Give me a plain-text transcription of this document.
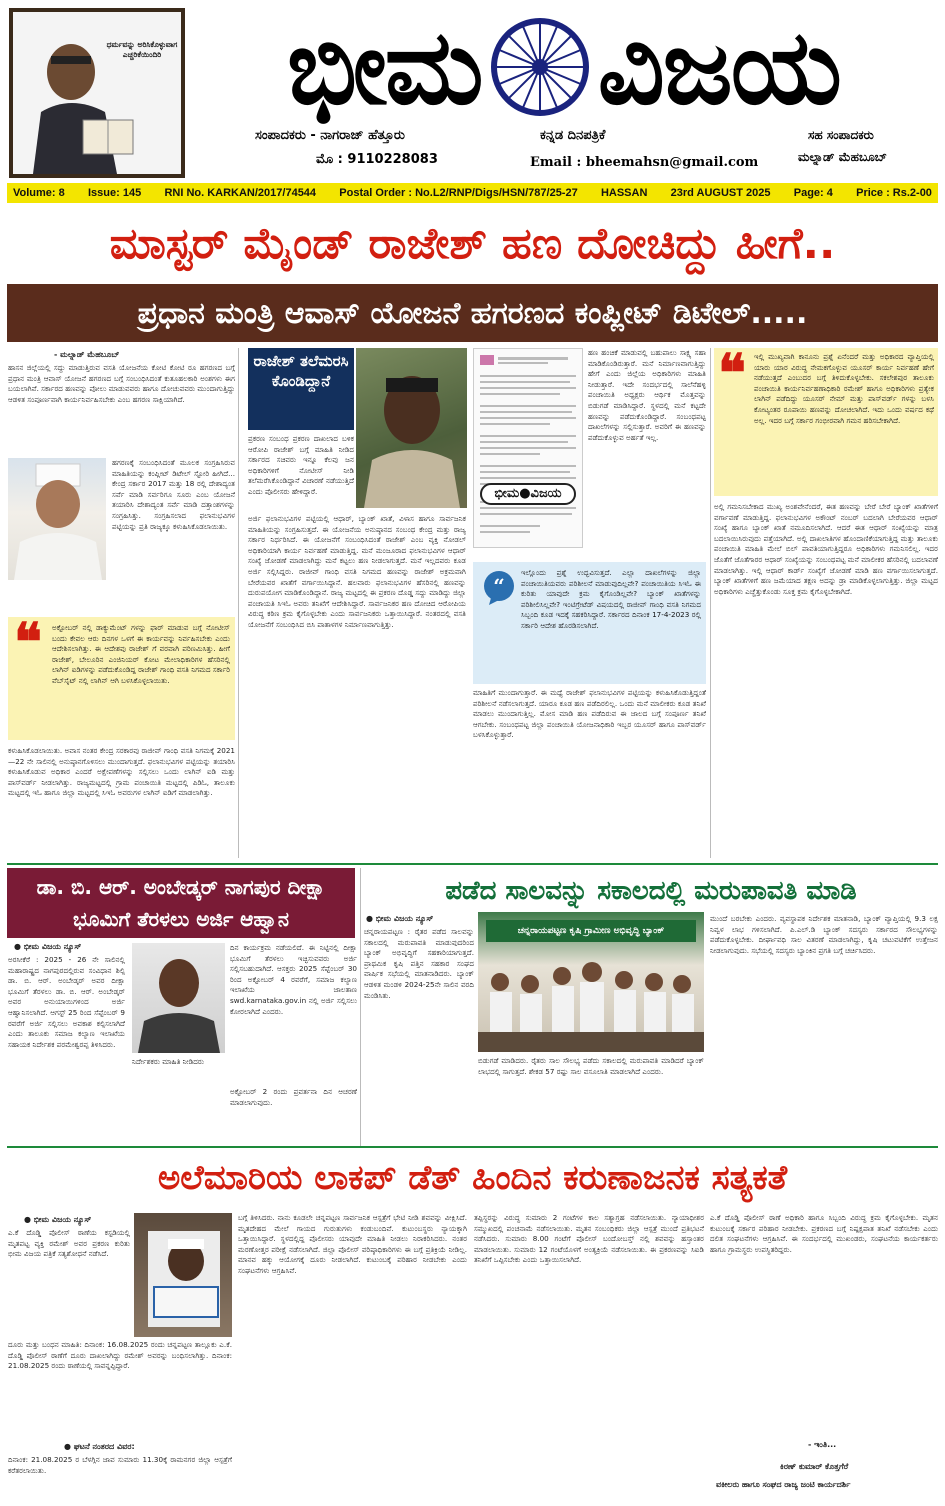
ಧರ್ಮವನ್ನು ಅರಿಸಿಕೊಳ್ಳುವಾಗ ಎಚ್ಚರಿಕೆಯಿಂದಿರಿ ಭೀಮ ವಿಜಯ
ಸಂಪಾದಕರು - ನಾಗರಾಜ್ ಹೆತ್ತೂರು
ಮೊ : 9110228083
ಕನ್ನಡ ದಿನಪತ್ರಿಕೆ
Email : bheemahsn@gmail.com
ಸಹ ಸಂಪಾದಕರು
ಮಲ್ನಾಡ್ ಮೆಹಬೂಬ್
Volume: 8 Issue: 145 RNI No. KARKAN/2017/74544 Postal Order : No.L2/RNP/Digs/HSN/787/25-27 HASSAN 23rd AUGUST 2025 Page: 4 Price : Rs.2-00
ಮಾಸ್ಟರ್ ಮೈಂಡ್ ರಾಜೇಶ್ ಹಣ ದೋಚಿದ್ದು ಹೀಗೆ..
ಪ್ರಧಾನ ಮಂತ್ರಿ ಆವಾಸ್ ಯೋಜನೆ ಹಗರಣದ ಕಂಪ್ಲೀಟ್ ಡಿಟೇಲ್.....
- ಮಲ್ನಾಡ್ ಮೆಹಬೂಬ್
ಹಾಸನ ಜಿಲ್ಲೆಯಲ್ಲಿ ಸದ್ದು ಮಾಡುತ್ತಿರುವ ವಸತಿ ಯೋಜನೆಯ ಕೋಟಿ ಕೋಟಿ ರೂ ಹಗರಣದ ಬಗ್ಗೆ ಪ್ರಧಾನ ಮಂತ್ರಿ ಆವಾಸ್ ಯೋಜನೆ ಹಗರಣದ ಬಗ್ಗೆ ಸಂಬಂಧಿಸಿದಂತೆ ಕುತೂಹಲಕಾರಿ ಅಂಶಗಳು ಈಗ ಬಯಲಾಗಿವೆ. ಸರ್ಕಾರದ ಹಣವನ್ನು ಪೋಲು ಮಾಡುವವರು ಹಾಗೂ ದೋಚುವವರು ಮುಂದಾಗುತ್ತಿದ್ದು ಆಡಳಿತ ಸಂಪೂರ್ಣವಾಗಿ ಕಾರ್ಯನಿರ್ವಹಿಸಬೇಕು ಎಂಬ ಹಗರಣ ಸಾಕ್ಷಿಯಾಗಿದೆ.
ಹಗರಣಕ್ಕೆ ಸಂಬಂಧಿಸಿದಂತೆ ಮೂಲಕ ಸಂಗ್ರಹಿಸಿರುವ ಮಾಹಿತಿಯನ್ನು ಕಂಪ್ಲೀಟ್ ಡಿಟೇಲ್ ಸ್ಟೋರಿ ಹೀಗಿದೆ... ಕೇಂದ್ರ ಸರ್ಕಾರ 2017 ಮತ್ತು 18 ರಲ್ಲಿ ದೇಶಾದ್ಯಂತ ಸರ್ವೆ ಮಾಡಿ ಸರ್ವರಿಗೂ ಸೂರು ಎಂಬ ಯೋಜನೆ ತಯಾರಿಸಿ ದೇಶಾದ್ಯಂತ ಸರ್ವೆ ಮಾಡಿ ದತ್ತಾಂಶಗಳನ್ನು ಸಂಗ್ರಹಿಸಿತ್ತು. ಸಂಗ್ರಹಿಸಲಾದ ಫಲಾನುಭವಿಗಳ ಪಟ್ಟಿಯನ್ನು ಪ್ರತಿ ರಾಜ್ಯಕ್ಕೂ ಕಳುಹಿಸಿಕೊಡಲಾಯಿತು.
❝ ಅಕ್ಟೋಬರ್ ನಲ್ಲಿ ಡಾಕ್ಯುಮೆಂಟ್ ಗಳನ್ನು ಫಾರ್ ಮಾಡುವ ಬಗ್ಗೆ ನೋಟೀಸ್ ಬಂದು ಕೇವಲ ಆರು ದಿನಗಳ ಒಳಗೆ ಈ ಕಾರ್ಯವನ್ನು ನಿರ್ವಹಿಸಬೇಕು ಎಂದು ಆದೇಶಿಸಲಾಗಿತ್ತು. ಈ ಆದೇಶವು ರಾಜೇಶ್ ಗೆ ವರವಾಗಿ ಪರಿಣಮಿಸಿತ್ತು. ಹೀಗೆ ರಾಜೇಶ್, ಬೇಲೂರಿನ ಎಂಜಿನಿಯರ್ ಕೋಟ ಮೇಲಾಧಿಕಾರಿಗಳ ಹೆಸರಿನಲ್ಲಿ ಲಾಗಿನ್ ಐಡಿಗಳನ್ನು ಪಡೆದುಕೊಂಡಿದ್ದ ರಾಜೇಶ್ ಗಾಂಧಿ ವಸತಿ ನಿಗಮದ ಸರ್ಕಾರಿ ವೆಬ್‌ಸೈಟ್ ನಲ್ಲಿ ಲಾಗಿನ್ ಆಗಿ ಬಳಸಿಕೊಳ್ಳಲಾಯಿತು.
ಕಳುಹಿಸಿಕೊಡಲಾಯಿತು. ಅವಾಸ ನಂತರ ಕೇಂದ್ರ ಸರಕಾರವು ರಾಜೀವ್ ಗಾಂಧಿ ವಸತಿ ನಿಗಮಕ್ಕೆ 2021—22 ನೇ ಸಾಲಿನಲ್ಲಿ ಅನುಷ್ಠಾನಗೊಳಿಸಲು ಮುಂದಾಗುತ್ತದೆ. ಫಲಾನುಭವಿಗಳ ಪಟ್ಟಿಯನ್ನು ತಯಾರಿಸಿ ಕಳುಹಿಸಿಕೊಡುವ ಅಧಿಕಾರ ಎಂದರೆ ಅಕ್ಷೇಪಣೆಗಳನ್ನು ಸಲ್ಲಿಸಲು ಒಂದು ಲಾಗಿನ್ ಐಡಿ ಮತ್ತು ಪಾಸ್‌ವರ್ಡ್ ನೀಡಲಾಗಿತ್ತು. ರಾಜ್ಯಮಟ್ಟದಲ್ಲಿ ಗ್ರಾಮ ಪಂಚಾಯಿತಿ ಮಟ್ಟದಲ್ಲಿ ಪಿಡಿಓ, ತಾಲೂಕು ಮಟ್ಟದಲ್ಲಿ ಇಓ ಹಾಗೂ ಜಿಲ್ಲಾ ಮಟ್ಟದಲ್ಲಿ ಸಿಇಓ ಅವರುಗಳ ಲಾಗಿನ್ ಐಡಿಗೆ ಮಾಡಲಾಗಿತ್ತು.
ರಾಜೇಶ್ ತಲೆಮರಸಿ ಕೊಂಡಿದ್ದಾನೆ
ಪ್ರಕರಣ ಸಂಬಂಧ ಪ್ರಕರಣ ದಾಖಲಾದ ಬಳಿಕ ಆರೋಪಿ ರಾಜೇಶ್ ಬಗ್ಗೆ ಮಾಹಿತಿ ನೀಡಿದ ಸರ್ಕಾರದ ಸಚಿವರು ಇನ್ನೂ ಕೆಲವು ಜನ ಅಧಿಕಾರಿಗಳಿಗೆ ನೋಟೀಸ್ ನೀಡಿ ತಲೆಮರೆಸಿಕೊಂಡಿದ್ದಾನೆ ವಿಚಾರಣೆ ನಡೆಯುತ್ತಿದೆ ಎಂದು ಪೊಲೀಸರು ಹೇಳಿದ್ದಾರೆ.
ಅರ್ಜಿ ಫಲಾನುಭವಿಗಳ ಪಟ್ಟಿಯಲ್ಲಿ ಆಧಾರ್, ಬ್ಯಾಂಕ್ ಖಾತೆ, ವಿಳಾಸ ಹಾಗೂ ಸಾರ್ವಜನಿಕ ಮಾಹಿತಿಯನ್ನು ಸಂಗ್ರಹಿಸುತ್ತದೆ. ಈ ಯೋಜನೆಯ ಅನುಷ್ಠಾನದ ಸಂಬಂಧ ಕೇಂದ್ರ ಮತ್ತು ರಾಜ್ಯ ಸರ್ಕಾರ ನಿರ್ಧರಿಸಿದೆ. ಈ ಯೋಜನೆಗೆ ಸಂಬಂಧಿಸಿದಂತೆ ರಾಜೇಶ್ ಎಂಬ ವ್ಯಕ್ತಿ ನೋಡಲ್ ಅಧಿಕಾರಿಯಾಗಿ ಕಾರ್ಯ ನಿರ್ವಹಣೆ ಮಾಡುತ್ತಿದ್ದ. ಮನೆ ಮಂಜೂರಾದ ಫಲಾನುಭವಿಗಳ ಆಧಾರ್ ಸಂಖ್ಯೆ ಜೋಡಣೆ ಮಾಡಲಾಗಿದ್ದು ಮನೆ ಕಟ್ಟಲು ಹಣ ನೀಡಲಾಗುತ್ತದೆ. ಮನೆ ಇಲ್ಲದವರು ಕೂಡ ಅರ್ಜಿ ಸಲ್ಲಿಸಿದ್ದರು. ರಾಜೀವ್ ಗಾಂಧಿ ವಸತಿ ನಿಗಮದ ಹಣವನ್ನು ರಾಜೇಶ್ ಅಕ್ರಮವಾಗಿ ಬೇರೆಯವರ ಖಾತೆಗೆ ವರ್ಗಾಯಿಸಿದ್ದಾನೆ. ಹಲವಾರು ಫಲಾನುಭವಿಗಳ ಹೆಸರಿನಲ್ಲಿ ಹಣವನ್ನು ದುರುಪಯೋಗ ಮಾಡಿಕೊಂಡಿದ್ದಾನೆ. ರಾಜ್ಯ ಮಟ್ಟದಲ್ಲಿ ಈ ಪ್ರಕರಣ ದೊಡ್ಡ ಸದ್ದು ಮಾಡಿದ್ದು ಜಿಲ್ಲಾ ಪಂಚಾಯತಿ ಸಿಇಓ ಅವರು ತನಿಖೆಗೆ ಆದೇಶಿಸಿದ್ದಾರೆ. ಸಾರ್ವಜನಿಕರ ಹಣ ದೋಚಿದ ಆರೋಪಿಯ ವಿರುದ್ಧ ಕಠಿಣ ಕ್ರಮ ಕೈಗೊಳ್ಳಬೇಕು ಎಂದು ಸಾರ್ವಜನಿಕರು ಒತ್ತಾಯಿಸಿದ್ದಾರೆ. ನಂತರದಲ್ಲಿ ವಸತಿ ಯೋಜನೆಗೆ ಸಂಬಂಧಿಸಿದ ಬಿಸಿ ಪಾತಾಳಗಳ ನಿರ್ಮಾಣವಾಗುತ್ತಿತ್ತು.
ಭೀಮ●ವಿಜಯ
ಹಣ ಹಂಚಿಕೆ ಮಾಡುವಲ್ಲಿ ಬಹುಪಾಲು ಸಾಕ್ಷ್ಯ ಸಹಾ ಮಾಡಿಕೊಂಡಿರುತ್ತಾರೆ. ಮನೆ ನಿರ್ಮಾಣವಾಗುತ್ತಿದ್ದು ಹೇಗೆ ಎಂದು ಜಿಲ್ಲೆಯ ಅಧಿಕಾರಿಗಳು ಮಾಹಿತಿ ನೀಡುತ್ತಾರೆ. ಇದೇ ಸಂದರ್ಭದಲ್ಲಿ ಸಾಲೆನೆಹಳ್ಳಿ ಪಂಚಾಯಿತಿ ಅಧ್ಯಕ್ಷರು ಆರ್ಥಿಕ ಮೊತ್ತವನ್ನು ಬಿಡುಗಡೆ ಮಾಡಿಸಿದ್ದಾರೆ. ಸ್ಥಳದಲ್ಲಿ ಮನೆ ಕಟ್ಟದೇ ಹಣವನ್ನು ಪಡೆದುಕೊಂಡಿದ್ದಾರೆ. ಸಂಬಂಧಪಟ್ಟ ದಾಖಲೆಗಳನ್ನು ಸಲ್ಲಿಸುತ್ತಾರೆ. ಅವರಿಗೆ ಈ ಹಣವನ್ನು ಪಡೆದುಕೊಳ್ಳುವ ಅರ್ಹತೆ ಇಲ್ಲ.
“
ಇಲ್ಲೊಂದು ಪ್ರಶ್ನೆ ಉದ್ಭವಿಸುತ್ತದೆ. ಎಲ್ಲಾ ದಾಖಲೆಗಳನ್ನು ಜಿಲ್ಲಾ ಪಂಚಾಯಿತಿಯವರು ಪರಿಶೀಲನೆ ಮಾಡುವುದಿಲ್ಲವೇ? ಪಂಚಾಯಿತಿಯ ಸಿಇಓ ಈ ಕುರಿತು ಯಾವುದೇ ಕ್ರಮ ಕೈಗೊಂಡಿಲ್ಲವೇ? ಬ್ಯಾಂಕ್ ಖಾತೆಗಳನ್ನು ಪರಿಶೀಲಿಸಿಲ್ಲವೇ? ಇಂಟಿಗ್ರೇಟೆಡ್ ವಿಷಯದಲ್ಲಿ ರಾಜೀವ್ ಗಾಂಧಿ ವಸತಿ ನಿಗಮದ ಸಿಬ್ಬಂದಿ ಕೂಡ ಇದಕ್ಕೆ ಸಹಕರಿಸಿದ್ದಾರೆ. ಸರ್ಕಾರದ ದಿನಾಂಕ 17-4-2023 ರಲ್ಲಿ ಸರ್ಕಾರಿ ಆದೇಶ ಹೊರಡಿಸಲಾಗಿದೆ.
ಮಾಹಿತಿಗೆ ಮುಂದಾಗುತ್ತಾರೆ. ಈ ಮಧ್ಯೆ ರಾಜೇಶ್ ಫಲಾನುಭವಿಗಳ ಪಟ್ಟಿಯನ್ನು ಕಳುಹಿಸಿಕೊಡುತ್ತಿದ್ದಂತೆ ಪರಿಶೀಲನೆ ನಡೆಸಲಾಗುತ್ತದೆ. ಯಾರೂ ಕೂಡ ಹಣ ಪಡೆದಿರಲಿಲ್ಲ. ಒಂದು ಮನೆ ಮಾಲೀಕರು ಕೂಡ ತನಿಖೆ ಮಾಡಲು ಮುಂದಾಗುತ್ತಿಲ್ಲ. ಮೋಸ ಮಾಡಿ ಹಣ ಪಡೆದಿರುವ ಈ ಜಾಲದ ಬಗ್ಗೆ ಸಂಪೂರ್ಣ ತನಿಖೆ ಆಗಬೇಕು. ಸಂಬಂಧಪಟ್ಟ ಜಿಲ್ಲಾ ಪಂಚಾಯಿತಿ ಯೋಜನಾಧಿಕಾರಿ ಇಬ್ಬರ ಯೂಸರ್ ಹಾಗೂ ಪಾಸ್‌ವರ್ಡ್ ಬಳಸಿಕೊಳ್ಳುತ್ತಾರೆ.
❝ ಇಲ್ಲಿ ಮುಖ್ಯವಾಗಿ ಕಾನೂನು ಪ್ರಶ್ನೆ ಏನೆಂದರೆ ಮತ್ತು ಅಧಿಕಾರದ ವ್ಯಾಪ್ತಿಯಲ್ಲಿ ಯಾರು ಯಾರ ವಿರುದ್ಧ ನೇಮಕಗೊಳ್ಳುವ ಯೂಸರ್ ಕಾರ್ಯ ನಿರ್ವಹಣೆ ಹೇಗೆ ನಡೆಯುತ್ತದೆ ಎಂಬುದರ ಬಗ್ಗೆ ತಿಳಿದುಕೊಳ್ಳಬೇಕು. ಸಕಲೇಶಪುರ ತಾಲೂಕು ಪಂಚಾಯಿತಿ ಕಾರ್ಯನಿರ್ವಹಣಾಧಿಕಾರಿ ರಮೇಶ್ ಹಾಗೂ ಅಧಿಕಾರಿಗಳು ಪ್ರತ್ಯೇಕ ಲಾಗಿನ್ ಪಡೆದಿದ್ದು ಯೂಸರ್ ನೇಮ್ ಮತ್ತು ಪಾಸ್‌ವರ್ಡ್ ಗಳನ್ನು ಬಳಸಿ ಕೋಟ್ಯಂತರ ರೂಪಾಯಿ ಹಣವನ್ನು ದೋಚಲಾಗಿದೆ. ಇದು ಒಂದು ವರ್ಷದ ಕಥೆ ಅಲ್ಲ. ಇದರ ಬಗ್ಗೆ ಸರ್ಕಾರ ಗಂಭೀರವಾಗಿ ಗಮನ ಹರಿಸಬೇಕಾಗಿದೆ.
ಅಲ್ಲಿ ಗಮನಿಸಬೇಕಾದ ಮುಖ್ಯ ಅಂಶವೇನೆಂದರೆ, ಈತ ಹಣವನ್ನು ಬೇರೆ ಬೇರೆ ಬ್ಯಾಂಕ್ ಖಾತೆಗಳಿಗೆ ವರ್ಗಾವಣೆ ಮಾಡುತ್ತಿದ್ದ. ಫಲಾನುಭವಿಗಳ ಅಕೌಂಟ್ ನಂಬರ್ ಬದಲಾಗಿ ಬೇರೆಯವರ ಆಧಾರ್ ಸಂಖ್ಯೆ ಹಾಗೂ ಬ್ಯಾಂಕ್ ಖಾತೆ ನಮೂದಿಸಲಾಗಿದೆ. ಆದರೆ ಈತ ಆಧಾರ್ ಸಂಖ್ಯೆಯನ್ನು ಮಾತ್ರ ಬದಲಾಯಿಸಿರುವುದು ಪತ್ತೆಯಾಗಿದೆ. ಅಲ್ಲಿ ದಾಖಲಾತಿಗಳ ಹೊಂದಾಣಿಕೆಯಾಗುತ್ತಿದ್ದ ಮತ್ತು ತಾಲೂಕು ಪಂಚಾಯಿತಿ ಮಾಹಿತಿ ಮೇಲೆ ಬಿಲ್ ಪಾವತಿಯಾಗುತ್ತಿದ್ದರೂ ಅಧಿಕಾರಿಗಳು ಗಮನಿಸಲಿಲ್ಲ. ಇದರ ಜೊತೆಗೆ ಜೊತೆಗಾರರ ಆಧಾರ್ ಸಂಖ್ಯೆಯನ್ನು ಸಂಬಂಧಪಟ್ಟ ಮನೆ ಮಾಲೀಕರ ಹೆಸರಿನಲ್ಲಿ ಬದಲಾವಣೆ ಮಾಡಲಾಗಿತ್ತು. ಇಲ್ಲಿ ಆಧಾರ್ ಕಾರ್ಡ್ ಸಂಖ್ಯೆಗೆ ಜೋಡಣೆ ಮಾಡಿ ಹಣ ವರ್ಗಾಯಿಸಲಾಗುತ್ತದೆ. ಬ್ಯಾಂಕ್ ಖಾತೆಗಳಿಗೆ ಹಣ ಜಮೆಯಾದ ತಕ್ಷಣ ಅದನ್ನು ಡ್ರಾ ಮಾಡಿಕೊಳ್ಳಲಾಗುತ್ತಿತ್ತು. ಜಿಲ್ಲಾ ಮಟ್ಟದ ಅಧಿಕಾರಿಗಳು ಎಚ್ಚೆತ್ತುಕೊಂಡು ಸೂಕ್ತ ಕ್ರಮ ಕೈಗೊಳ್ಳಬೇಕಾಗಿದೆ.
ಡಾ. ಬಿ. ಆರ್. ಅಂಬೇಡ್ಕರ್ ನಾಗಪುರ ದೀಕ್ಷಾ ಭೂಮಿಗೆ ತೆರಳಲು ಅರ್ಜಿ ಆಹ್ವಾನ
● ಭೀಮ ವಿಜಯ ನ್ಯೂಸ್
ಅರಸೀಕೆರೆ : 2025 - 26 ನೇ ಸಾಲಿನಲ್ಲಿ ಮಹಾರಾಷ್ಟ್ರದ ನಾಗಪುರದಲ್ಲಿರುವ ಸಂವಿಧಾನ ಶಿಲ್ಪಿ ಡಾ. ಬಿ. ಆರ್. ಅಂಬೇಡ್ಕರ್ ಅವರ ದೀಕ್ಷಾ ಭೂಮಿಗೆ ತೆರಳಲು ಡಾ. ಬಿ. ಆರ್. ಅಂಬೇಡ್ಕರ್ ಅವರ ಅನುಯಾಯಿಗಳಿಂದ ಅರ್ಜಿ ಆಹ್ವಾನಿಸಲಾಗಿದೆ. ಆಗಸ್ಟ್ 25 ರಿಂದ ಸೆಪ್ಟೆಂಬರ್ 9 ರವರೆಗೆ ಅರ್ಜಿ ಸಲ್ಲಿಸಲು ಅವಕಾಶ ಕಲ್ಪಿಸಲಾಗಿದೆ ಎಂದು ತಾಲೂಕು ಸಮಾಜ ಕಲ್ಯಾಣ ಇಲಾಖೆಯ ಸಹಾಯಕ ನಿರ್ದೇಶಕ ಪರಮೇಶ್ವರಪ್ಪ ತಿಳಿಸಿದರು.
ನಿರ್ದೇಶಕರು ಮಾಹಿತಿ ನೀಡಿದರು
ದಿನ ಕಾರ್ಯಕ್ರಮ ನಡೆಯಲಿದೆ. ಈ ನಿಟ್ಟಿನಲ್ಲಿ ದೀಕ್ಷಾ ಭೂಮಿಗೆ ತೆರಳಲು ಇಚ್ಛಿಸುವವರು ಅರ್ಜಿ ಸಲ್ಲಿಸಬಹುದಾಗಿದೆ. ಆಸಕ್ತರು 2025 ಸೆಪ್ಟೆಂಬರ್ 30 ರಿಂದ ಅಕ್ಟೋಬರ್ 4 ರವರೆಗೆ, ಸಮಾಜ ಕಲ್ಯಾಣ ಇಲಾಖೆಯ ಜಾಲತಾಣ swd.karnataka.gov.in ನಲ್ಲಿ ಅರ್ಜಿ ಸಲ್ಲಿಸಲು ಕೋರಲಾಗಿದೆ ಎಂದರು.
ಅಕ್ಟೋಬರ್ 2 ರಂದು ಪ್ರವರ್ತನಾ ದಿನ ಆಚರಣೆ ಮಾಡಲಾಗುವುದು.
ಪಡೆದ ಸಾಲವನ್ನು ಸಕಾಲದಲ್ಲಿ ಮರುಪಾವತಿ ಮಾಡಿ
● ಭೀಮ ವಿಜಯ ನ್ಯೂಸ್
ಚನ್ನರಾಯಪಟ್ಟಣ : ರೈತರ ಪಡೆದ ಸಾಲವನ್ನು ಸಕಾಲದಲ್ಲಿ ಮರುಪಾವತಿ ಮಾಡುವುದರಿಂದ ಬ್ಯಾಂಕ್ ಅಭಿವೃದ್ಧಿಗೆ ಸಹಕಾರಿಯಾಗುತ್ತದೆ. ಪ್ರಾಥಮಿಕ ಕೃಷಿ ಪತ್ತಿನ ಸಹಕಾರ ಸಂಘದ ವಾರ್ಷಿಕ ಸಭೆಯಲ್ಲಿ ಮಾತನಾಡಿದರು. ಬ್ಯಾಂಕ್ ಆಡಳಿತ ಮಂಡಳಿ 2024-25ನೇ ಸಾಲಿನ ವರದಿ ಮಂಡಿಸಿತು.
ಚನ್ನರಾಯಪಟ್ಟಣ ಕೃಷಿ ಗ್ರಾಮೀಣ ಅಭಿವೃದ್ಧಿ ಬ್ಯಾಂಕ್
ಬಿಡುಗಡೆ ಮಾಡಿದರು. ರೈತರು ಸಾಲ ಸೌಲಭ್ಯ ಪಡೆದು ಸಕಾಲದಲ್ಲಿ ಮರುಪಾವತಿ ಮಾಡಿದರೆ ಬ್ಯಾಂಕ್ ಲಾಭದಲ್ಲಿ ಸಾಗುತ್ತದೆ. ಶೇಕಡ 57 ರಷ್ಟು ಸಾಲ ವಸೂಲಾತಿ ಮಾಡಲಾಗಿದೆ ಎಂದರು.
ಮುಂದೆ ಬರಬೇಕು ಎಂದರು. ವ್ಯವಸ್ಥಾಪಕ ನಿರ್ದೇಶಕ ಮಾತನಾಡಿ, ಬ್ಯಾಂಕ್ ವ್ಯಾಪ್ತಿಯಲ್ಲಿ 9.3 ಲಕ್ಷ ನಿವ್ವಳ ಲಾಭ ಗಳಿಸಲಾಗಿದೆ. ಪಿ.ಎಲ್.ಡಿ ಬ್ಯಾಂಕ್ ಸದಸ್ಯರು ಸರ್ಕಾರದ ಸೌಲಭ್ಯಗಳನ್ನು ಪಡೆದುಕೊಳ್ಳಬೇಕು. ದೀರ್ಘಾವಧಿ ಸಾಲ ವಿತರಣೆ ಮಾಡಲಾಗಿದ್ದು, ಕೃಷಿ ಚಟುವಟಿಕೆಗೆ ಉತ್ತೇಜನ ನೀಡಲಾಗುವುದು. ಸಭೆಯಲ್ಲಿ ಸದಸ್ಯರು ಬ್ಯಾಂಕಿನ ಪ್ರಗತಿ ಬಗ್ಗೆ ಚರ್ಚಿಸಿದರು.
ಅಲೆಮಾರಿಯ ಲಾಕಪ್ ಡೆತ್ ಹಿಂದಿನ ಕರುಣಾಜನಕ ಸತ್ಯಕತೆ
● ಭೀಮ ವಿಜಯ ನ್ಯೂಸ್
ಎ.ಕೆ ದೊಡ್ಡಿ ಪೊಲೀಸ್ ಠಾಣೆಯ ಕಸ್ಟಡಿಯಲ್ಲಿ ಮೃತಪಟ್ಟ ವ್ಯಕ್ತಿ ರಮೇಶ್ ಅವರ ಪ್ರಕರಣ ಕುರಿತು ಭೀಮ ವಿಜಯ ಪತ್ರಿಕೆ ಸತ್ಯಶೋಧನೆ ನಡೆಸಿದೆ.
ದೂರು ಮತ್ತು ಬಂಧನ ಮಾಹಿತಿ: ದಿನಾಂಕ: 16.08.2025 ರಂದು ಚನ್ನಪಟ್ಟಣ ತಾಲ್ಲೂಕು ಎ.ಕೆ. ದೊಡ್ಡಿ ಪೊಲೀಸ್ ಠಾಣೆಗೆ ದೂರು ದಾಖಲಾಗಿದ್ದು ರಮೇಶ್ ಅವರನ್ನು ಬಂಧಿಸಲಾಗಿತ್ತು. ದಿನಾಂಕ: 21.08.2025 ರಂದು ಠಾಣೆಯಲ್ಲಿ ಸಾವನ್ನಪ್ಪಿದ್ದಾರೆ.
● ಘಟನೆ ನಂತರದ ವಿವರ:
ದಿನಾಂಕ: 21.08.2025 ರ ಬೆಳಗ್ಗಿನ ಜಾವ ಸುಮಾರು 11.30ಕ್ಕೆ ರಾಮನಗರ ಜಿಲ್ಲಾ ಆಸ್ಪತ್ರೆಗೆ ಕರೆತರಲಾಯಿತು.
ಬಗ್ಗೆ ತಿಳಿಸಿದರು. ನಾನು ಕೂಡಲೇ ಚನ್ನಪಟ್ಟಣ ಸಾರ್ವಜನಿಕ ಆಸ್ಪತ್ರೆಗೆ ಭೇಟಿ ನೀಡಿ ಶವವನ್ನು ವೀಕ್ಷಿಸಿದೆ. ಮೃತದೇಹದ ಮೇಲೆ ಗಾಯದ ಗುರುತುಗಳು ಕಂಡುಬಂದಿವೆ. ಕುಟುಂಬಸ್ಥರು ನ್ಯಾಯಕ್ಕಾಗಿ ಒತ್ತಾಯಿಸಿದ್ದಾರೆ. ಸ್ಥಳದಲ್ಲಿದ್ದ ಪೊಲೀಸರು ಯಾವುದೇ ಮಾಹಿತಿ ನೀಡಲು ನಿರಾಕರಿಸಿದರು. ನಂತರ ಮರಣೋತ್ತರ ಪರೀಕ್ಷೆ ನಡೆಸಲಾಗಿದೆ. ಜಿಲ್ಲಾ ಪೊಲೀಸ್ ವರಿಷ್ಠಾಧಿಕಾರಿಗಳು ಈ ಬಗ್ಗೆ ಪ್ರತಿಕ್ರಿಯೆ ನೀಡಿಲ್ಲ. ಮಾನವ ಹಕ್ಕು ಆಯೋಗಕ್ಕೆ ದೂರು ನೀಡಲಾಗಿದೆ. ಕುಟುಂಬಕ್ಕೆ ಪರಿಹಾರ ನೀಡಬೇಕು ಎಂದು ಸಂಘಟನೆಗಳು ಆಗ್ರಹಿಸಿವೆ.
ತಪ್ಪಿಸ್ಥರನ್ನು ವಿರುದ್ಧ ಸುಮಾರು 2 ಗಂಟೆಗಳ ಕಾಲ ಸತ್ಯಾಗ್ರಹ ನಡೆಸಲಾಯಿತು. ನ್ಯಾಯಾಧೀಶರ ಸಮ್ಮುಖದಲ್ಲಿ ಪಂಚನಾಮೆ ನಡೆಸಲಾಯಿತು. ಮೃತನ ಸಂಬಂಧಿಕರು ಜಿಲ್ಲಾ ಆಸ್ಪತ್ರೆ ಮುಂದೆ ಪ್ರತಿಭಟನೆ ನಡೆಸಿದರು. ಸುಮಾರು 8.00 ಗಂಟೆಗೆ ಪೊಲೀಸ್ ಬಂದೋಬಸ್ತ್ ನಲ್ಲಿ ಶವವನ್ನು ಹಸ್ತಾಂತರ ಮಾಡಲಾಯಿತು. ಸುಮಾರು 12 ಗಂಟೆಯೊಳಗೆ ಅಂತ್ಯಕ್ರಿಯೆ ನಡೆಸಲಾಯಿತು. ಈ ಪ್ರಕರಣವನ್ನು ಸಿಐಡಿ ತನಿಖೆಗೆ ಒಪ್ಪಿಸಬೇಕು ಎಂದು ಒತ್ತಾಯಿಸಲಾಗಿದೆ.
ಎ.ಕೆ ದೊಡ್ಡಿ ಪೊಲೀಸ್ ಠಾಣೆ ಅಧಿಕಾರಿ ಹಾಗೂ ಸಿಬ್ಬಂದಿ ವಿರುದ್ಧ ಕ್ರಮ ಕೈಗೊಳ್ಳಬೇಕು. ಮೃತನ ಕುಟುಂಬಕ್ಕೆ ಸರ್ಕಾರ ಪರಿಹಾರ ನೀಡಬೇಕು. ಪ್ರಕರಣದ ಬಗ್ಗೆ ನಿಷ್ಪಕ್ಷಪಾತ ತನಿಖೆ ನಡೆಸಬೇಕು ಎಂದು ದಲಿತ ಸಂಘಟನೆಗಳು ಆಗ್ರಹಿಸಿವೆ. ಈ ಸಂದರ್ಭದಲ್ಲಿ ಮುಖಂಡರು, ಸಂಘಟನೆಯ ಕಾರ್ಯಕರ್ತರು ಹಾಗೂ ಗ್ರಾಮಸ್ಥರು ಉಪಸ್ಥಿತರಿದ್ದರು.
- ಇಂತಿ...
ಕಿರಣ್ ಕುಮಾರ್ ಕೊತ್ತಗೆರೆ
ವಕೀಲರು ಹಾಗೂ ಸಂಘದ ರಾಜ್ಯ ಜಂಟಿ ಕಾರ್ಯದರ್ಶಿ
